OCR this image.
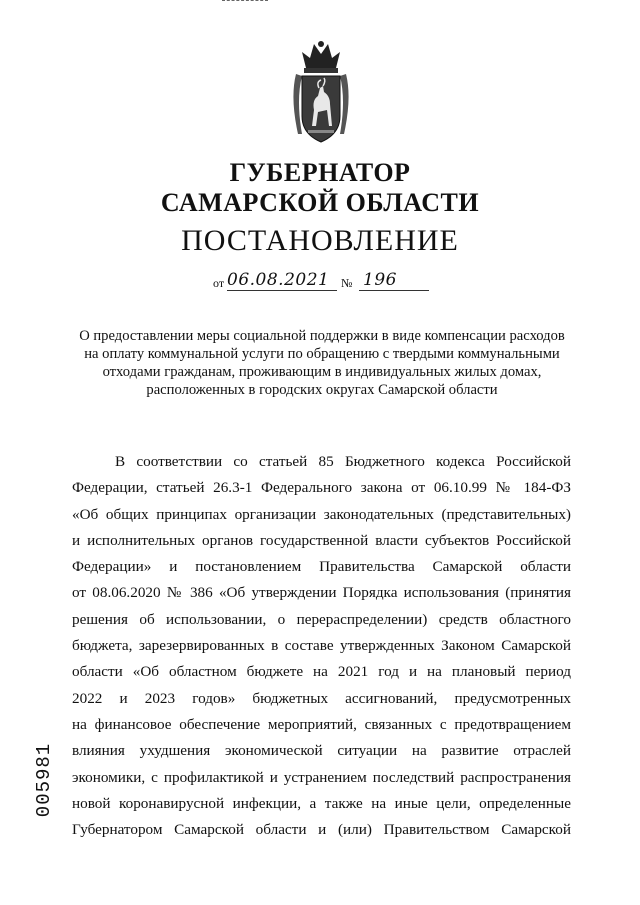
ГУБЕРНАТОР
САМАРСКОЙ ОБЛАСТИ
ПОСТАНОВЛЕНИЕ
от 06.08.2021 № 196
О предоставлении меры социальной поддержки в виде компенсации расходов на оплату коммунальной услуги по обращению с твердыми коммунальными отходами гражданам, проживающим в индивидуальных жилых домах, расположенных в городских округах Самарской области
В соответствии со статьей 85 Бюджетного кодекса Российской
Федерации, статьей 26.3-1 Федерального закона от 06.10.99 № 184-ФЗ
«Об общих принципах организации законодательных (представительных)
и исполнительных органов государственной власти субъектов Российской
Федерации» и постановлением Правительства Самарской области
от 08.06.2020 № 386 «Об утверждении Порядка использования (принятия
решения об использовании, о перераспределении) средств областного
бюджета, зарезервированных в составе утвержденных Законом Самарской
области «Об областном бюджете на 2021 год и на плановый период
2022 и 2023 годов» бюджетных ассигнований, предусмотренных
на финансовое обеспечение мероприятий, связанных с предотвращением
влияния ухудшения экономической ситуации на развитие отраслей
экономики, с профилактикой и устранением последствий распространения
новой коронавирусной инфекции, а также на иные цели, определенные
Губернатором Самарской области и (или) Правительством Самарской
005981
